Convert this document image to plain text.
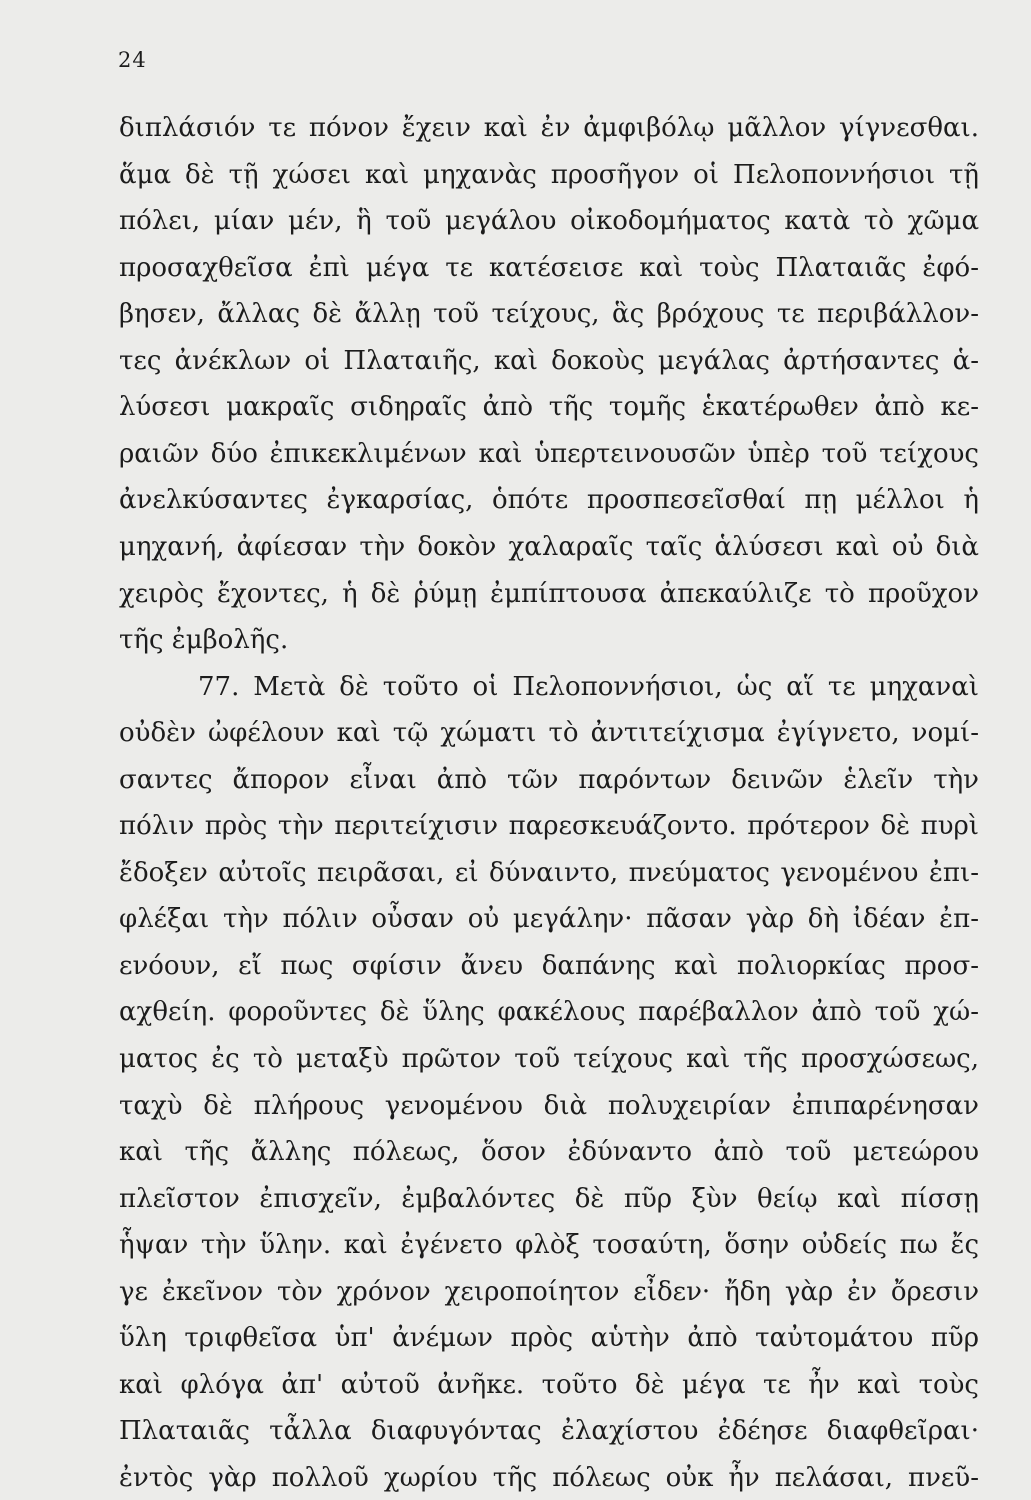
24
διπλάσιόν τε πόνον ἔχειν καὶ ἐν ἀμφιβόλῳ μᾶλλον γίγνεσθαι.
ἅμα δὲ τῇ χώσει καὶ μηχανὰς προσῆγον οἱ Πελοποννήσιοι τῇ
πόλει, μίαν μέν, ἣ τοῦ μεγάλου οἰκοδομήματος κατὰ τὸ χῶμα
προσαχθεῖσα ἐπὶ μέγα τε κατέσεισε καὶ τοὺς Πλαταιᾶς ἐφό-
βησεν, ἄλλας δὲ ἄλλῃ τοῦ τείχους, ἃς βρόχους τε περιβάλλον-
τες ἀνέκλων οἱ Πλαταιῆς, καὶ δοκοὺς μεγάλας ἀρτήσαντες ἁ-
λύσεσι μακραῖς σιδηραῖς ἀπὸ τῆς τομῆς ἑκατέρωθεν ἀπὸ κε-
ραιῶν δύο ἐπικεκλιμένων καὶ ὑπερτεινουσῶν ὑπὲρ τοῦ τείχους
ἀνελκύσαντες ἐγκαρσίας, ὁπότε προσπεσεῖσθαί πῃ μέλλοι ἡ
μηχανή, ἀφίεσαν τὴν δοκὸν χαλαραῖς ταῖς ἁλύσεσι καὶ οὐ διὰ
χειρὸς ἔχοντες, ἡ δὲ ῥύμῃ ἐμπίπτουσα ἀπεκαύλιζε τὸ προῦχον
τῆς ἐμβολῆς.
77. Μετὰ δὲ τοῦτο οἱ Πελοποννήσιοι, ὡς αἵ τε μηχαναὶ
οὐδὲν ὠφέλουν καὶ τῷ χώματι τὸ ἀντιτείχισμα ἐγίγνετο, νομί-
σαντες ἄπορον εἶναι ἀπὸ τῶν παρόντων δεινῶν ἑλεῖν τὴν
πόλιν πρὸς τὴν περιτείχισιν παρεσκευάζοντο. πρότερον δὲ πυρὶ
ἔδοξεν αὐτοῖς πειρᾶσαι, εἰ δύναιντο, πνεύματος γενομένου ἐπι-
φλέξαι τὴν πόλιν οὖσαν οὐ μεγάλην· πᾶσαν γὰρ δὴ ἰδέαν ἐπ-
ενόουν, εἴ πως σφίσιν ἄνευ δαπάνης καὶ πολιορκίας προσ-
αχθείη. φοροῦντες δὲ ὕλης φακέλους παρέβαλλον ἀπὸ τοῦ χώ-
ματος ἐς τὸ μεταξὺ πρῶτον τοῦ τείχους καὶ τῆς προσχώσεως,
ταχὺ δὲ πλήρους γενομένου διὰ πολυχειρίαν ἐπιπαρένησαν
καὶ τῆς ἄλλης πόλεως, ὅσον ἐδύναντο ἀπὸ τοῦ μετεώρου
πλεῖστον ἐπισχεῖν, ἐμβαλόντες δὲ πῦρ ξὺν θείῳ καὶ πίσσῃ
ἧψαν τὴν ὕλην. καὶ ἐγένετο φλὸξ τοσαύτη, ὅσην οὐδείς πω ἔς
γε ἐκεῖνον τὸν χρόνον χειροποίητον εἶδεν· ἤδη γὰρ ἐν ὄρεσιν
ὕλη τριφθεῖσα ὑπ' ἀνέμων πρὸς αὑτὴν ἀπὸ ταὐτομάτου πῦρ
καὶ φλόγα ἀπ' αὐτοῦ ἀνῆκε. τοῦτο δὲ μέγα τε ἦν καὶ τοὺς
Πλαταιᾶς τἆλλα διαφυγόντας ἐλαχίστου ἐδέησε διαφθεῖραι·
ἐντὸς γὰρ πολλοῦ χωρίου τῆς πόλεως οὐκ ἦν πελάσαι, πνεῦ-
